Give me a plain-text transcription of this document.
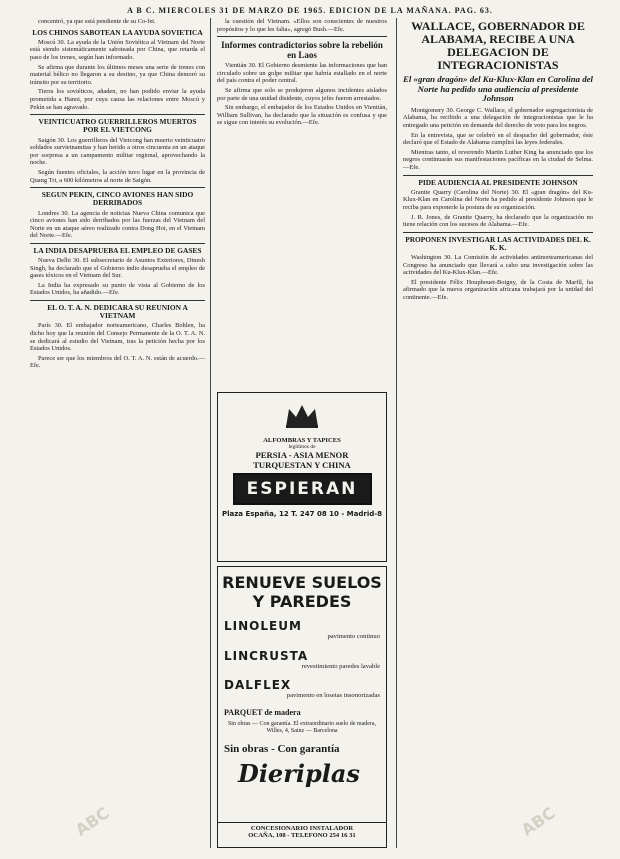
A B C. MIERCOLES 31 DE MARZO DE 1965. EDICION DE LA MAÑANA. PAG. 63.

concentró, ya que está pendiente de su Co-fet.

LOS CHINOS SABOTEAN LA AYUDA SOVIETICA

Moscú 30. La ayuda de la Unión Soviética al Vietnam del Norte está siendo sistemáticamente saboteada por China, que retarda el paso de los trenes, según han informado.

Se afirma que durante los últimos meses una serie de trenes con material bélico no llegaron a su destino, ya que China demoró su tránsito por su territorio.

Tierra los soviéticos, añaden, no han podido enviar la ayuda prometida a Hanoi, por cuya causa las relaciones entre Moscú y Pekín se han agravado.

VEINTICUATRO GUERRILLEROS MUERTOS POR EL VIETCONG

Saigón 30. Los guerrilleros del Vietcong han muerto veinticuatro soldados survietnamitas y han herido a otros cincuenta en un ataque por sorpresa a un campamento militar regional, aprovechando la noche.

Según fuentes oficiales, la acción tuvo lugar en la provincia de Quang Tri, a 600 kilómetros al norte de Saigón.

SEGUN PEKIN, CINCO AVIONES HAN SIDO DERRIBADOS

Londres 30. La agencia de noticias Nueva China comunica que cinco aviones han sido derribados por las fuerzas del Vietnam del Norte en un ataque aéreo realizado contra Dong Hoi, en el Vietnam del Norte.—Efe.

LA INDIA DESAPRUEBA EL EMPLEO DE GASES

Nueva Delhi 30. El subsecretario de Asuntos Exteriores, Dinesh Singh, ha declarado que el Gobierno indio desaprueba el empleo de gases tóxicos en el Vietnam del Sur.

La India ha expresado su punto de vista al Gobierno de los Estados Unidos, ha añadido.—Efe.

EL O. T. A. N. DEDICARA SU REUNION A VIETNAM

París 30. El embajador norteamericano, Charles Bohlen, ha dicho hoy que la reunión del Consejo Permanente de la O. T. A. N. se dedicará al estudio del Vietnam, tras la petición hecha por los Estados Unidos.

Parece ser que los miembros del O. T. A. N. están de acuerdo.—Efe.

la cuestión del Vietnam. «Ellos son conscientes de nuestros propósitos y lo que les falta», agregó Bush.—Efe.

Informes contradictorios sobre la rebelión en Laos

Vientián 30. El Gobierno desmiente las informaciones que han circulado sobre un golpe militar que habría estallado en el norte del país contra el poder central.

Se afirma que solo se produjeron algunos incidentes aislados por parte de una unidad disidente, cuyos jefes fueron arrestados.

Sin embargo, el embajador de los Estados Unidos en Vientián, William Sullivan, ha declarado que la situación es confusa y que se sigue con interés su evolución.—Efe.

ALFOMBRAS Y TAPICES
legítimos de
PERSIA - ASIA MENOR
TURQUESTAN Y CHINA
ESPIERAN
Plaza España, 12 T. 247 08 10 - Madrid-8
RENUEVE SUELOS Y PAREDES
LINOLEUM
pavimento continuo
LINCRUSTA
revestimiento paredes lavable
DALFLEX
pavimento en losetas insonorizadas
PARQUET de madera
Sin obras — Con garantía. El extraordinario suelo de madera, Willes, 4, Sainz — Barcelona
Sin obras - Con garantía
Dieriplas
CONCESIONARIO INSTALADOR
OCAÑA, 108 - TELEFONO 254 16 31
WALLACE, GOBERNADOR DE ALABAMA, RECIBE A UNA DELEGACION DE INTEGRACIONISTAS
El «gran dragón» del Ku-Klux-Klan en Carolina del Norte ha pedido una audiencia al presidente Johnson

Montgomery 30. George C. Wallace, el gobernador segregacionista de Alabama, ha recibido a una delegación de integracionistas que le ha entregado una petición en demanda del derecho de voto para los negros.

En la entrevista, que se celebró en el despacho del gobernador, éste declaró que el Estado de Alabama cumplirá las leyes federales.

Mientras tanto, el reverendo Martin Luther King ha anunciado que los negros continuarán sus manifestaciones pacíficas en la ciudad de Selma.—Efe.

PIDE AUDIENCIA AL PRESIDENTE JOHNSON

Granite Quarry (Carolina del Norte) 30. El «gran dragón» del Ku-Klux-Klan en Carolina del Norte ha pedido al presidente Johnson que le reciba para exponerle la postura de su organización.

J. R. Jones, de Granite Quarry, ha declarado que la organización no tiene relación con los sucesos de Alabama.—Efe.

PROPONEN INVESTIGAR LAS ACTIVIDADES DEL K. K. K.

Washington 30. La Comisión de actividades antinorteamericanas del Congreso ha anunciado que llevará a cabo una investigación sobre las actividades del Ku-Klux-Klan.—Efe.

El presidente Félix Houphouet-Boigny, de la Costa de Marfil, ha afirmado que la nueva organización africana trabajará por la unidad del continente.—Efe.

ABC	ABC
